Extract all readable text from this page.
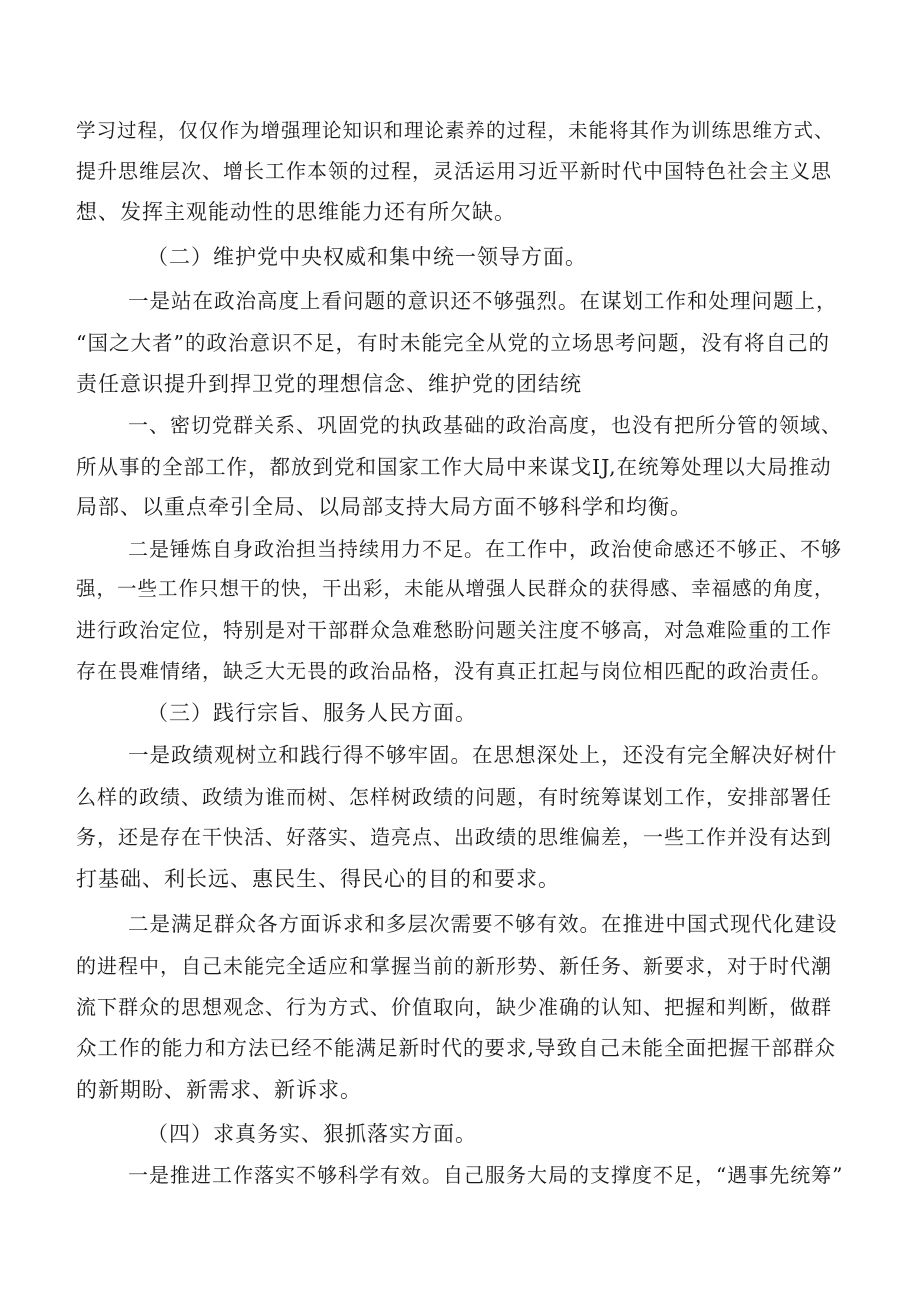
学习过程，仅仅作为增强理论知识和理论素养的过程，未能将其作为训练思维方式、
提升思维层次、增长工作本领的过程，灵活运用习近平新时代中国特色社会主义思
想、发挥主观能动性的思维能力还有所欠缺。
（二）维护党中央权威和集中统一领导方面。
一是站在政治高度上看问题的意识还不够强烈。在谋划工作和处理问题上，
“国之大者”的政治意识不足，有时未能完全从党的立场思考问题，没有将自己的
责任意识提升到捍卫党的理想信念、维护党的团结统
一、密切党群关系、巩固党的执政基础的政治高度，也没有把所分管的领域、
所从事的全部工作，都放到党和国家工作大局中来谋戈IJ,在统筹处理以大局推动
局部、以重点牵引全局、以局部支持大局方面不够科学和均衡。
二是锤炼自身政治担当持续用力不足。在工作中，政治使命感还不够正、不够
强，一些工作只想干的快，干出彩，未能从增强人民群众的获得感、幸福感的角度，
进行政治定位，特别是对干部群众急难愁盼问题关注度不够高，对急难险重的工作
存在畏难情绪，缺乏大无畏的政治品格，没有真正扛起与岗位相匹配的政治责任。
（三）践行宗旨、服务人民方面。
一是政绩观树立和践行得不够牢固。在思想深处上，还没有完全解决好树什
么样的政绩、政绩为谁而树、怎样树政绩的问题，有时统筹谋划工作，安排部署任
务，还是存在干快活、好落实、造亮点、出政绩的思维偏差，一些工作并没有达到
打基础、利长远、惠民生、得民心的目的和要求。
二是满足群众各方面诉求和多层次需要不够有效。在推进中国式现代化建设
的进程中，自己未能完全适应和掌握当前的新形势、新任务、新要求，对于时代潮
流下群众的思想观念、行为方式、价值取向，缺少准确的认知、把握和判断，做群
众工作的能力和方法已经不能满足新时代的要求,导致自己未能全面把握干部群众
的新期盼、新需求、新诉求。
（四）求真务实、狠抓落实方面。
一是推进工作落实不够科学有效。自己服务大局的支撑度不足，“遇事先统筹”
